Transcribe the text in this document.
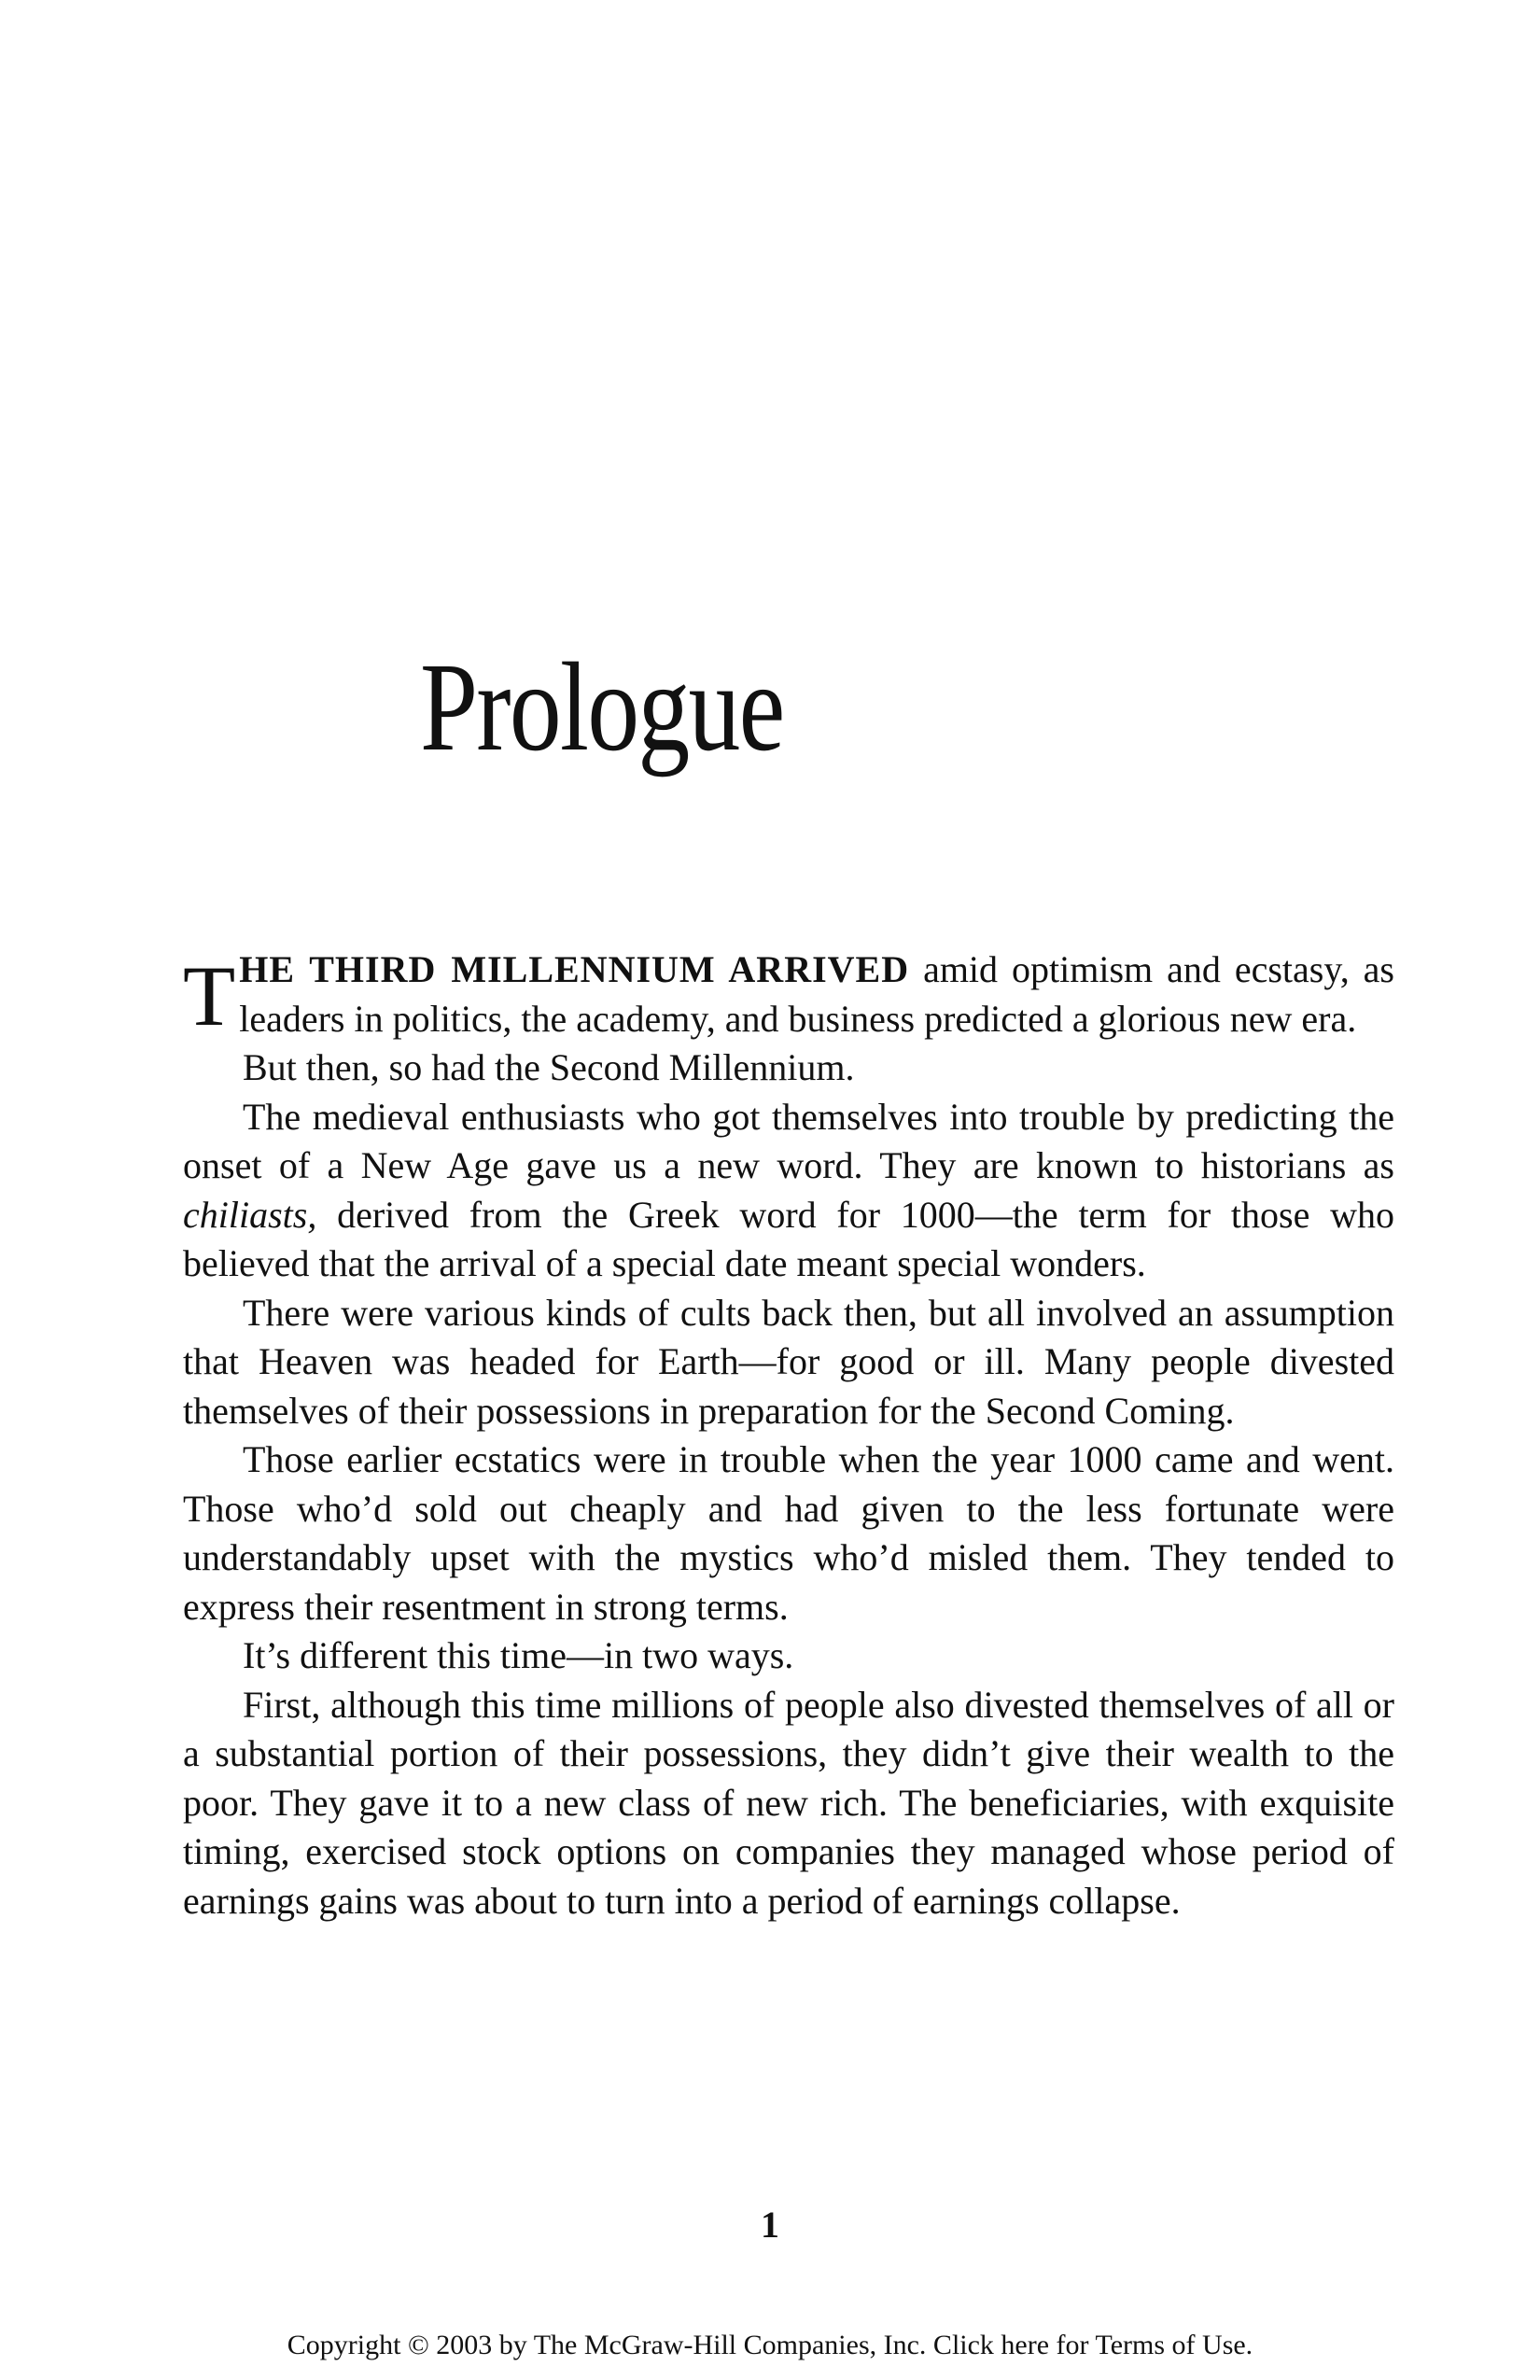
Prologue

THE THIRD MILLENNIUM ARRIVED amid optimism and ecstasy, as leaders in politics, the academy, and business predicted a glorious new era.

But then, so had the Second Millennium.

The medieval enthusiasts who got themselves into trouble by predicting the onset of a New Age gave us a new word. They are known to historians as chiliasts, derived from the Greek word for 1000—the term for those who believed that the arrival of a special date meant special wonders.

There were various kinds of cults back then, but all involved an assumption that Heaven was headed for Earth—for good or ill. Many people divested themselves of their possessions in preparation for the Second Coming.

Those earlier ecstatics were in trouble when the year 1000 came and went. Those who’d sold out cheaply and had given to the less fortunate were understandably upset with the mystics who’d misled them. They tended to express their resentment in strong terms.

It’s different this time—in two ways.

First, although this time millions of people also divested themselves of all or a substantial portion of their possessions, they didn’t give their wealth to the poor. They gave it to a new class of new rich. The beneficiaries, with exquisite timing, exercised stock options on companies they managed whose period of earnings gains was about to turn into a period of earnings collapse.

1
Copyright © 2003 by The McGraw-Hill Companies, Inc. Click here for Terms of Use.
